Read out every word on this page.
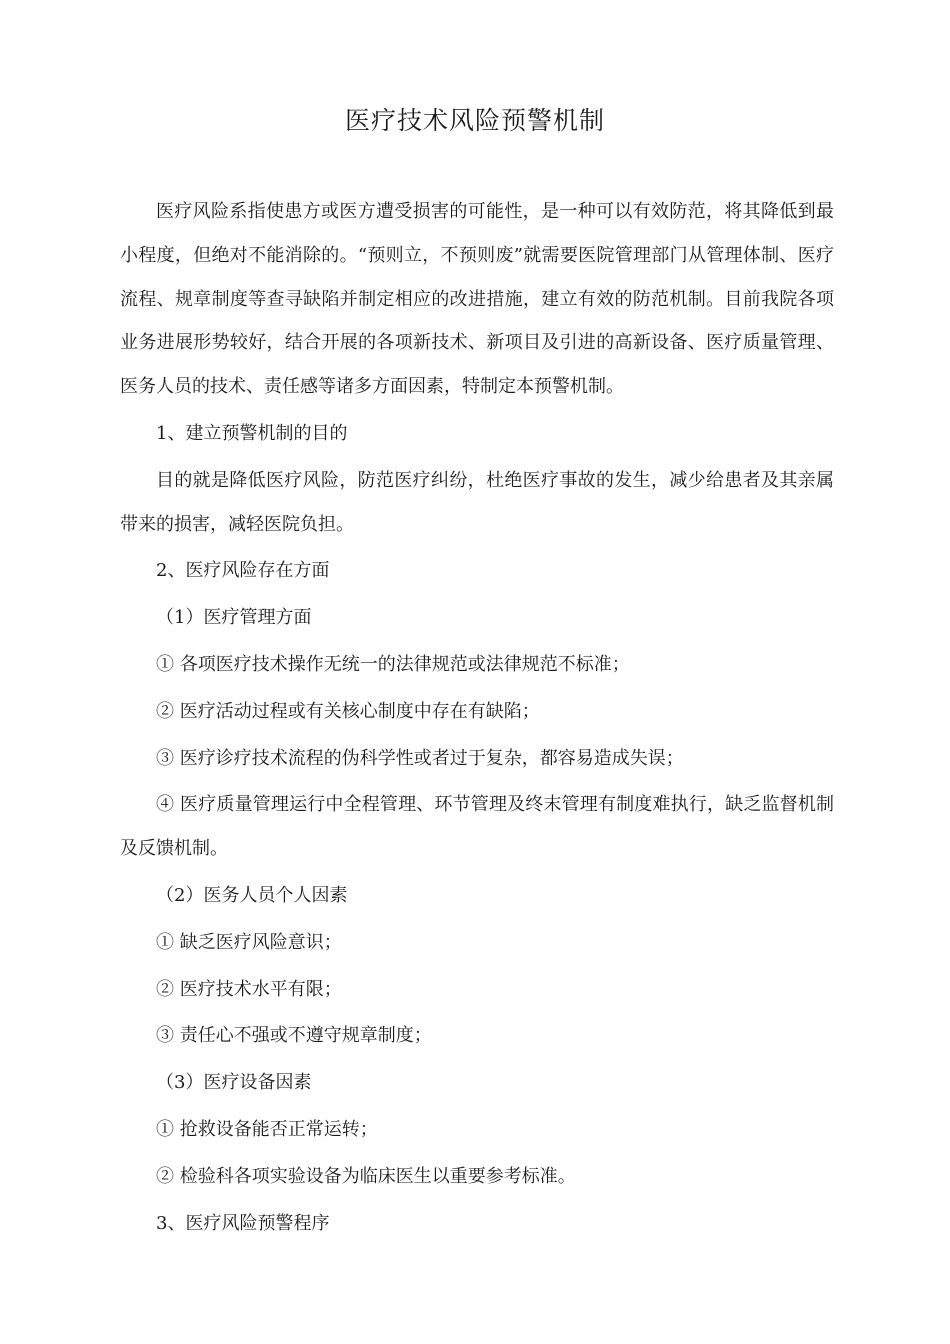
医疗技术风险预警机制

医疗风险系指使患方或医方遭受损害的可能性，是一种可以有效防范，将其降低到最小程度，但绝对不能消除的。“预则立，不预则废”就需要医院管理部门从管理体制、医疗流程、规章制度等查寻缺陷并制定相应的改进措施，建立有效的防范机制。目前我院各项业务进展形势较好，结合开展的各项新技术、新项目及引进的高新设备、医疗质量管理、医务人员的技术、责任感等诸多方面因素，特制定本预警机制。

1、建立预警机制的目的

目的就是降低医疗风险，防范医疗纠纷，杜绝医疗事故的发生，减少给患者及其亲属带来的损害，减轻医院负担。

2、医疗风险存在方面

（1）医疗管理方面

① 各项医疗技术操作无统一的法律规范或法律规范不标准；

② 医疗活动过程或有关核心制度中存在有缺陷；

③ 医疗诊疗技术流程的伪科学性或者过于复杂，都容易造成失误；

④ 医疗质量管理运行中全程管理、环节管理及终末管理有制度难执行，缺乏监督机制及反馈机制。

（2）医务人员个人因素

① 缺乏医疗风险意识；

② 医疗技术水平有限；

③ 责任心不强或不遵守规章制度；

（3）医疗设备因素

① 抢救设备能否正常运转；

② 检验科各项实验设备为临床医生以重要参考标准。

3、医疗风险预警程序
